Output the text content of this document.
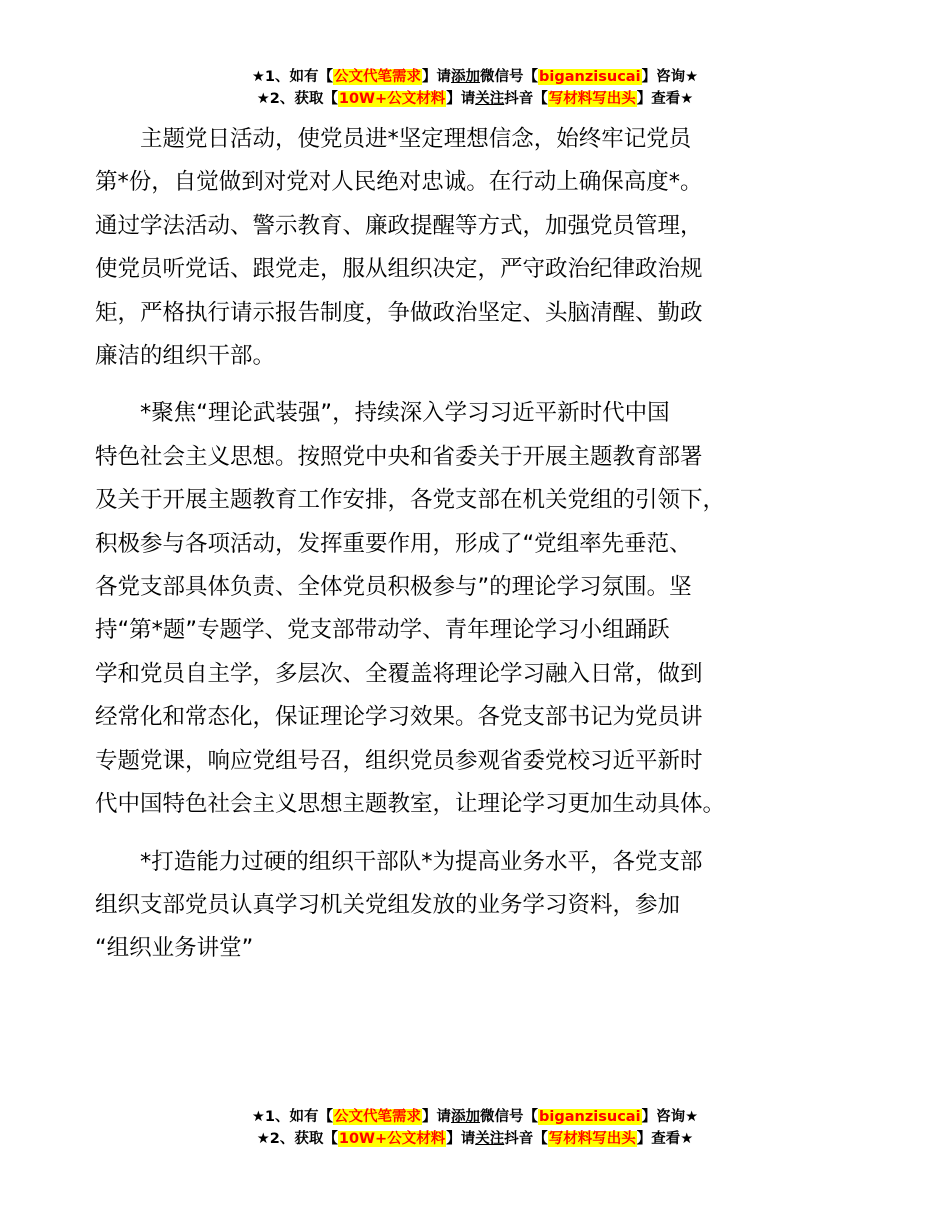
★1、如有【公文代笔需求】请添加微信号【biganzisucai】咨询★
★2、获取【10W+公文材料】请关注抖音【写材料写出头】查看★

主题党日活动，使党员进*坚定理想信念，始终牢记党员
第*份，自觉做到对党对人民绝对忠诚。在行动上确保高度*。
通过学法活动、警示教育、廉政提醒等方式，加强党员管理，
使党员听党话、跟党走，服从组织决定，严守政治纪律政治规
矩，严格执行请示报告制度，争做政治坚定、头脑清醒、勤政
廉洁的组织干部。

*聚焦“理论武装强”，持续深入学习习近平新时代中国
特色社会主义思想。按照党中央和省委关于开展主题教育部署
及关于开展主题教育工作安排，各党支部在机关党组的引领下，
积极参与各项活动，发挥重要作用，形成了“党组率先垂范、
各党支部具体负责、全体党员积极参与”的理论学习氛围。坚
持“第*题”专题学、党支部带动学、青年理论学习小组踊跃
学和党员自主学，多层次、全覆盖将理论学习融入日常，做到
经常化和常态化，保证理论学习效果。各党支部书记为党员讲
专题党课，响应党组号召，组织党员参观省委党校习近平新时
代中国特色社会主义思想主题教室，让理论学习更加生动具体。

*打造能力过硬的组织干部队*为提高业务水平，各党支部
组织支部党员认真学习机关党组发放的业务学习资料，参加
“组织业务讲堂”

★1、如有【公文代笔需求】请添加微信号【biganzisucai】咨询★
★2、获取【10W+公文材料】请关注抖音【写材料写出头】查看★
